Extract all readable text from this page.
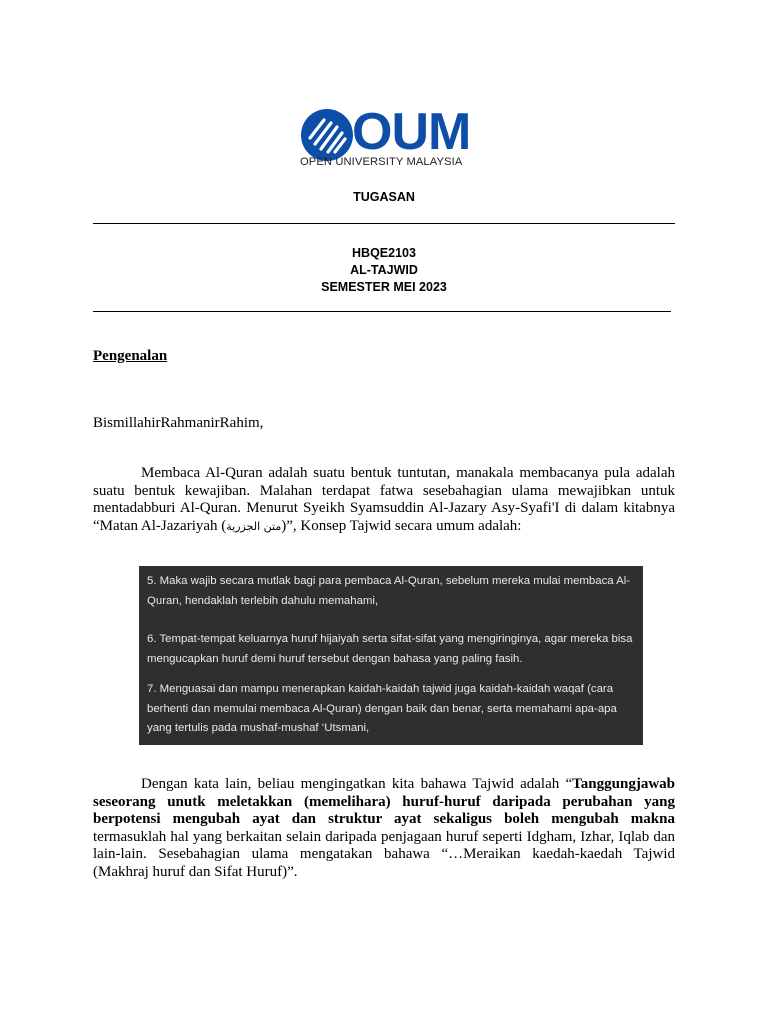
OUM
OPEN UNIVERSITY MALAYSIA
TUGASAN
HBQE2103
AL-TAJWID
SEMESTER MEI 2023
Pengenalan
BismillahirRahmanirRahim,
Membaca Al-Quran adalah suatu bentuk tuntutan, manakala membacanya pula adalah suatu bentuk kewajiban. Malahan terdapat fatwa sesebahagian ulama mewajibkan untuk mentadabburi Al-Quran. Menurut Syeikh Syamsuddin Al-Jazary Asy-Syafi'I di dalam kitabnya “Matan Al-Jazariyah (متن الجزرية)”, Konsep Tajwid secara umum adalah:

5. Maka wajib secara mutlak bagi para pembaca Al-Quran, sebelum mereka mulai membaca Al-Quran, hendaklah terlebih dahulu memahami,

6. Tempat-tempat keluarnya huruf hijaiyah serta sifat-sifat yang mengiringinya, agar mereka bisa mengucapkan huruf demi huruf tersebut dengan bahasa yang paling fasih.

7. Menguasai dan mampu menerapkan kaidah-kaidah tajwid juga kaidah-kaidah waqaf (cara berhenti dan memulai membaca Al-Quran) dengan baik dan benar, serta memahami apa-apa yang tertulis pada mushaf-mushaf ‘Utsmani,

Dengan kata lain, beliau mengingatkan kita bahawa Tajwid adalah “Tanggungjawab seseorang unutk meletakkan (memelihara) huruf-huruf daripada perubahan yang berpotensi mengubah ayat dan struktur ayat sekaligus boleh mengubah makna termasuklah hal yang berkaitan selain daripada penjagaan huruf seperti Idgham, Izhar, Iqlab dan lain-lain. Sesebahagian ulama mengatakan bahawa “…Meraikan kaedah-kaedah Tajwid (Makhraj huruf dan Sifat Huruf)”.
